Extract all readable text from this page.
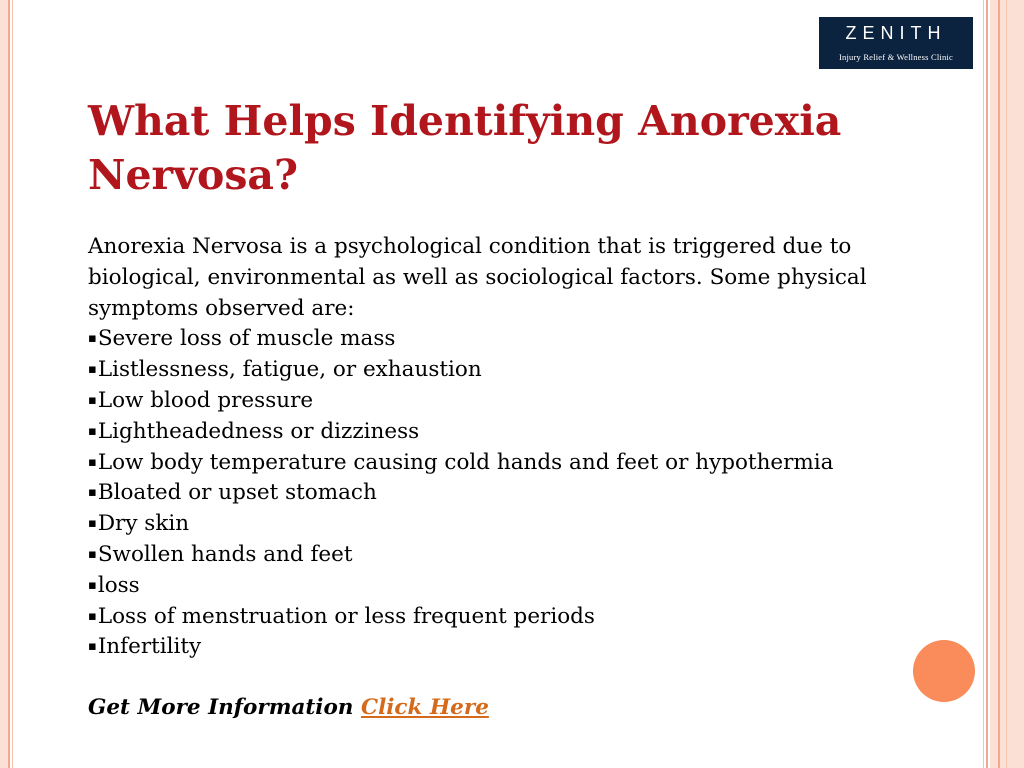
ZENITH
Injury Relief & Wellness Clinic
What Helps Identifying Anorexia Nervosa?

Anorexia Nervosa is a psychological condition that is triggered due to biological, environmental as well as sociological factors. Some physical symptoms observed are:

▪Severe loss of muscle mass
▪Listlessness, fatigue, or exhaustion
▪Low blood pressure
▪Lightheadedness or dizziness
▪Low body temperature causing cold hands and feet or hypothermia
▪Bloated or upset stomach
▪Dry skin
▪Swollen hands and feet
▪loss
▪Loss of menstruation or less frequent periods
▪Infertility
Get More Information Click Here
